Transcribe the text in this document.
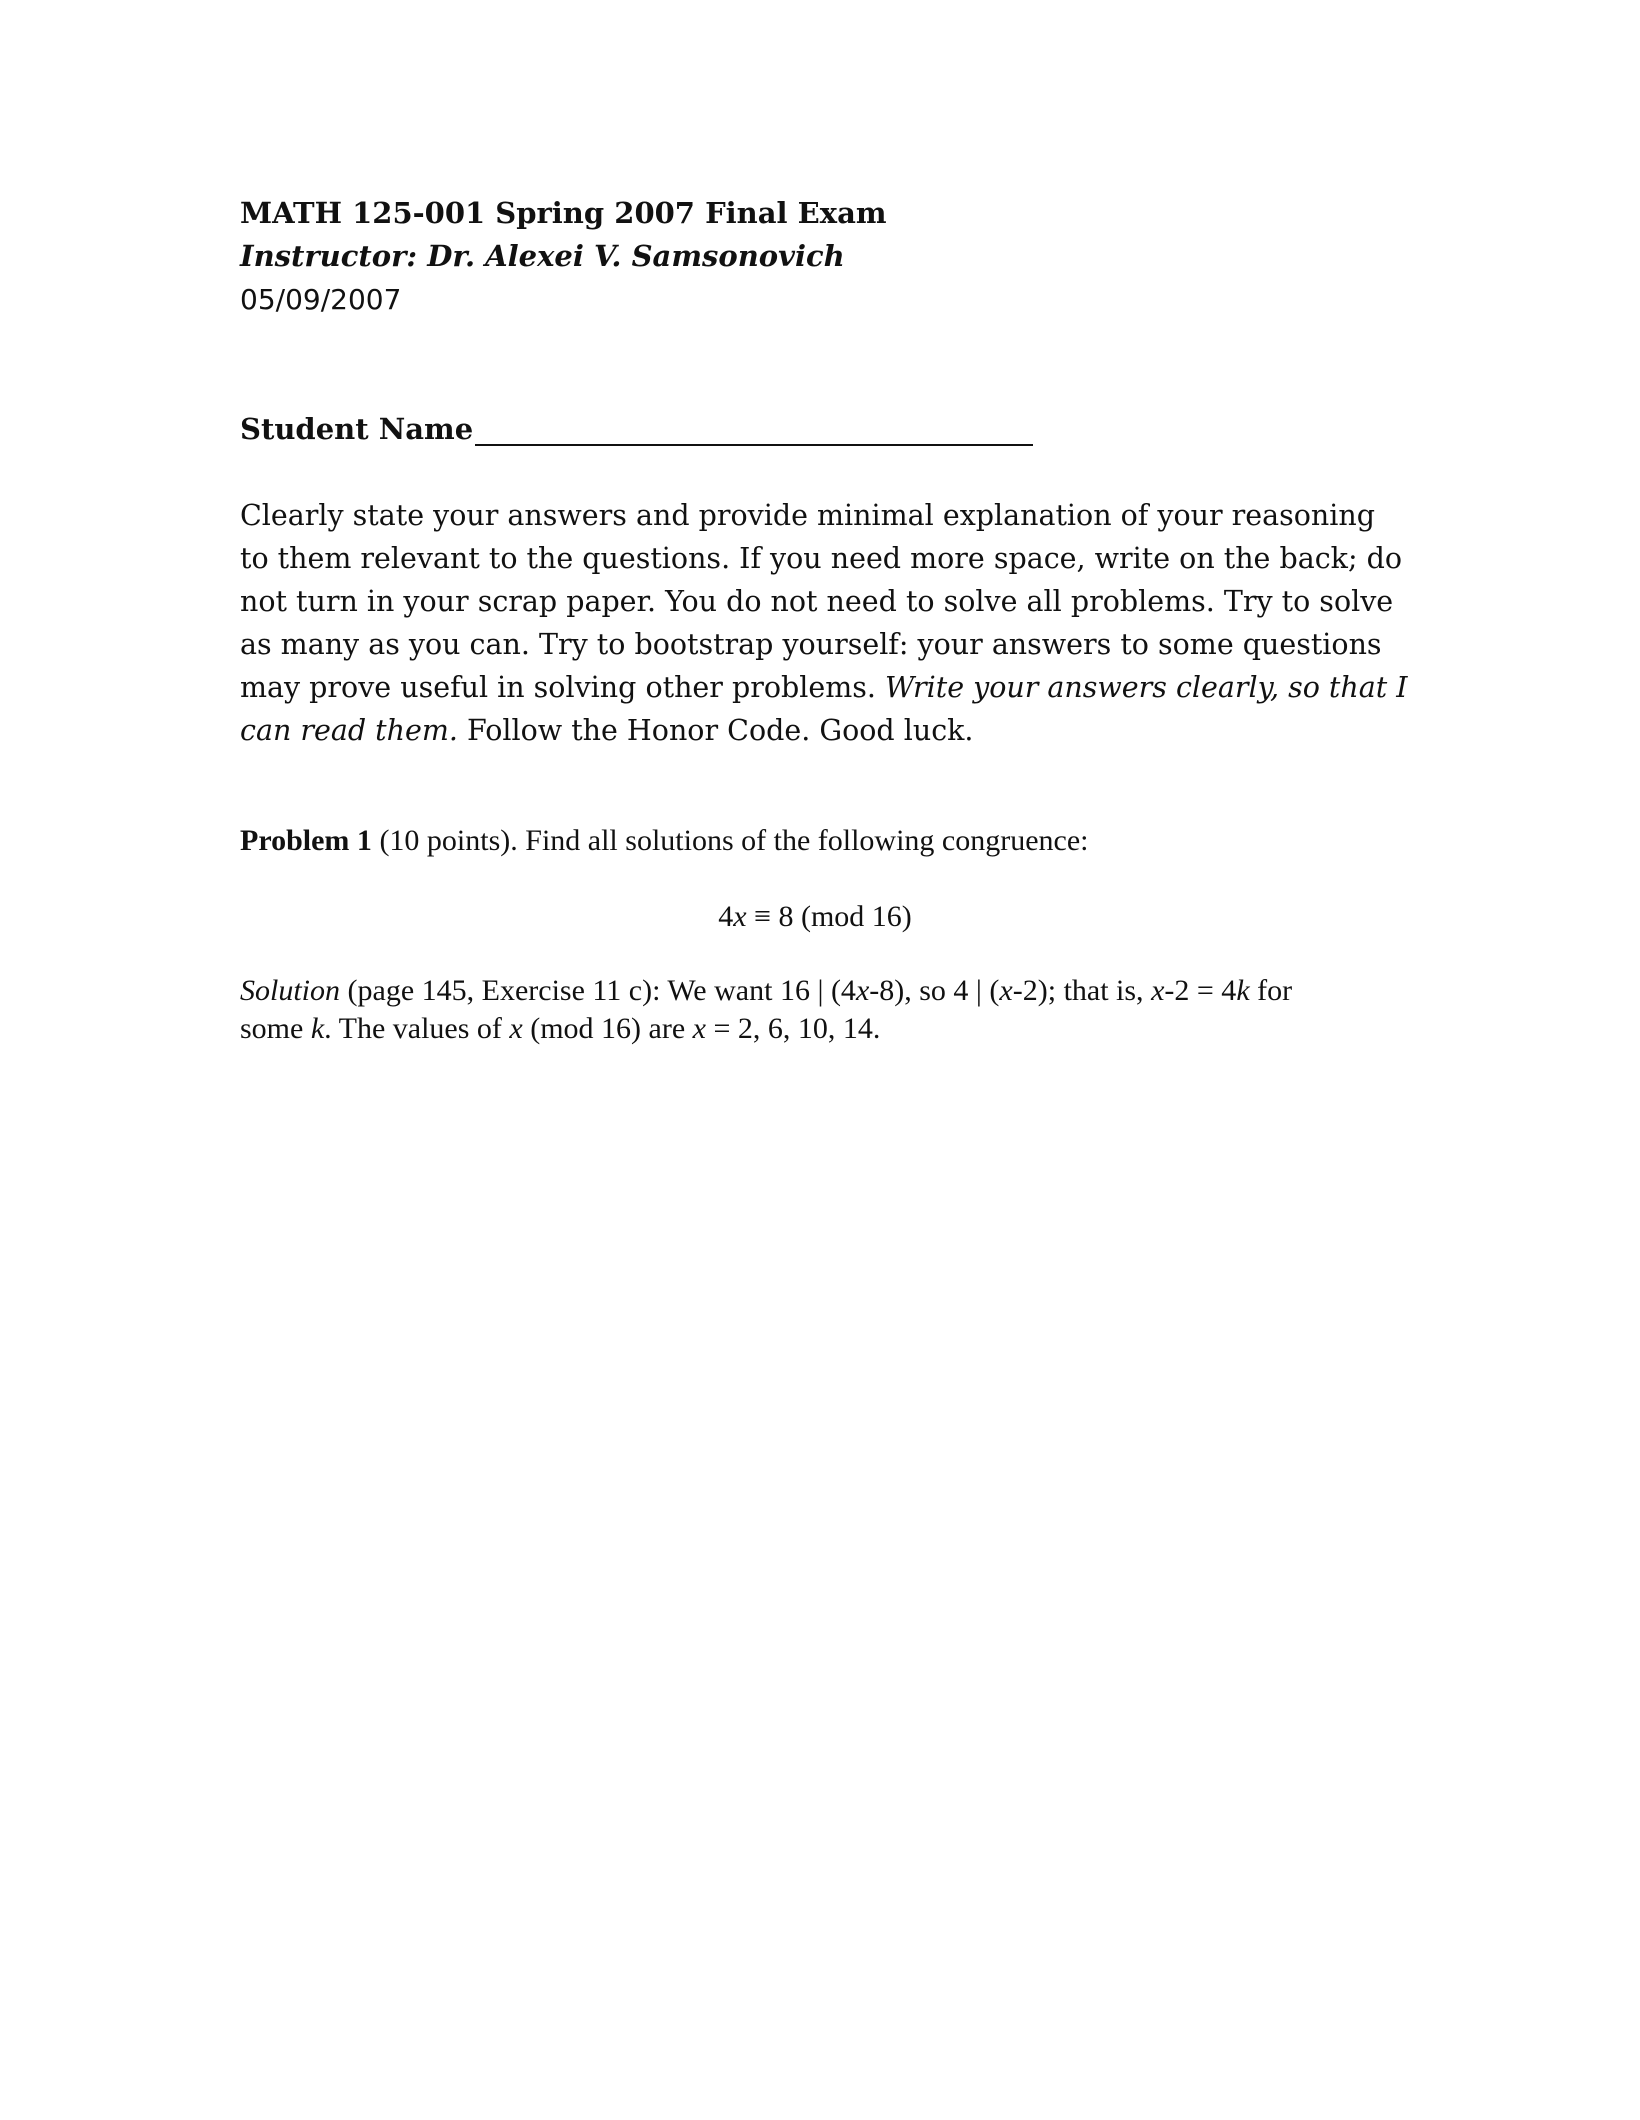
MATH 125-001 Spring 2007 Final Exam
Instructor: Dr. Alexei V. Samsonovich
05/09/2007
Student Name
Clearly state your answers and provide minimal explanation of your reasoning
to them relevant to the questions. If you need more space, write on the back; do
not turn in your scrap paper. You do not need to solve all problems. Try to solve
as many as you can. Try to bootstrap yourself: your answers to some questions
may prove useful in solving other problems. Write your answers clearly, so that I
can read them. Follow the Honor Code. Good luck.
Problem 1 (10 points). Find all solutions of the following congruence:
4x ≡ 8 (mod 16)
Solution (page 145, Exercise 11 c): We want 16 | (4x-8), so 4 | (x-2); that is, x-2 = 4k for
some k. The values of x (mod 16) are x = 2, 6, 10, 14.
